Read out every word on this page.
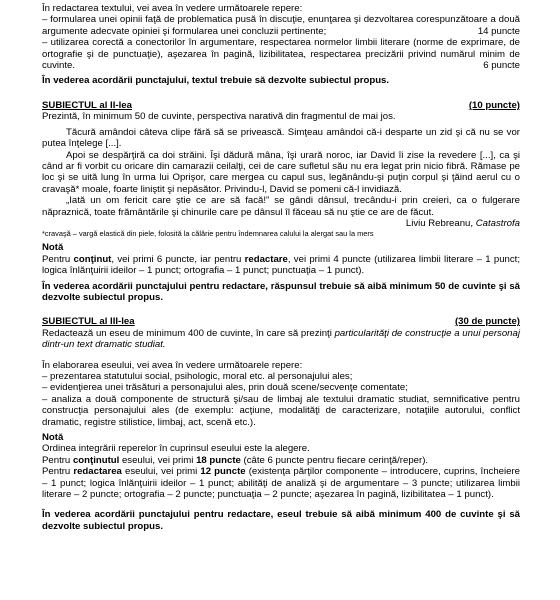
În redactarea textului, vei avea în vedere următoarele repere:

– formularea unei opinii faţă de problematica pusă în discuţie, enunţarea şi dezvoltarea corespunzătoare a două argumente adecvate opiniei şi formularea unei concluzii pertinente;	14 puncte

– utilizarea corectă a conectorilor în argumentare, respectarea normelor limbii literare (norme de exprimare, de ortografie şi de punctuaţie), aşezarea în pagină, lizibilitatea, respectarea precizării privind numărul minim de cuvinte.	6 puncte

În vederea acordării punctajului, textul trebuie să dezvolte subiectul propus.

SUBIECTUL al II-lea	(10 puncte)

Prezintă, în minimum 50 de cuvinte, perspectiva narativă din fragmentul de mai jos.

Tăcură amândoi câteva clipe fără să se privească. Simţeau amândoi că-i desparte un zid şi că nu se vor putea înţelege [...].

Apoi se despărţiră ca doi străini. Îşi dădură mâna, îşi urară noroc, iar David îi zise la revedere [...], ca şi când ar fi vorbit cu oricare din camarazii ceilalţi, cei de care sufletul său nu era legat prin nicio fibră. Rămase pe loc şi se uită lung în urma lui Oprişor, care mergea cu capul sus, legănându-şi puţin corpul şi ţăind aerul cu o cravaşă* moale, foarte liniştit şi nepăsător. Privindu-l, David se pomeni că-l invidiază.

„Iată un om fericit care ştie ce are să facă!” se gândi dânsul, trecându-i prin creieri, ca o fulgerare năpraznică, toate frământările şi chinurile care pe dânsul îl făceau să nu ştie ce are de făcut.

Liviu Rebreanu, Catastrofa

*cravaşă – vargă elastică din piele, folosită la călărie pentru îndemnarea calului la alergat sau la mers

Notă

Pentru conţinut, vei primi 6 puncte, iar pentru redactare, vei primi 4 puncte (utilizarea limbii literare – 1 punct; logica înlănţuirii ideilor – 1 punct; ortografia – 1 punct; punctuaţia – 1 punct).

În vederea acordării punctajului pentru redactare, răspunsul trebuie să aibă minimum 50 de cuvinte şi să dezvolte subiectul propus.

SUBIECTUL al III-lea	(30 de puncte)

Redactează un eseu de minimum 400 de cuvinte, în care să prezinţi particularităţi de construcţie a unui personaj dintr-un text dramatic studiat.

În elaborarea eseului, vei avea în vedere următoarele repere:

– prezentarea statutului social, psihologic, moral etc. al personajului ales;

– evidenţierea unei trăsături a personajului ales, prin două scene/secvenţe comentate;

– analiza a două componente de structură şi/sau de limbaj ale textului dramatic studiat, semnificative pentru construcţia personajului ales (de exemplu: acţiune, modalităţi de caracterizare, notaţiile autorului, conflict dramatic, registre stilistice, limbaj, act, scenă etc.).

Notă

Ordinea integrării reperelor în cuprinsul eseului este la alegere.

Pentru conţinutul eseului, vei primi 18 puncte (câte 6 puncte pentru fiecare cerinţă/reper).

Pentru redactarea eseului, vei primi 12 puncte (existenţa părţilor componente – introducere, cuprins, încheiere – 1 punct; logica înlănţuirii ideilor – 1 punct; abilităţi de analiză şi de argumentare – 3 puncte; utilizarea limbii literare – 2 puncte; ortografia – 2 puncte; punctuaţia – 2 puncte; aşezarea în pagină, lizibilitatea – 1 punct).

În vederea acordării punctajului pentru redactare, eseul trebuie să aibă minimum 400 de cuvinte şi să dezvolte subiectul propus.
